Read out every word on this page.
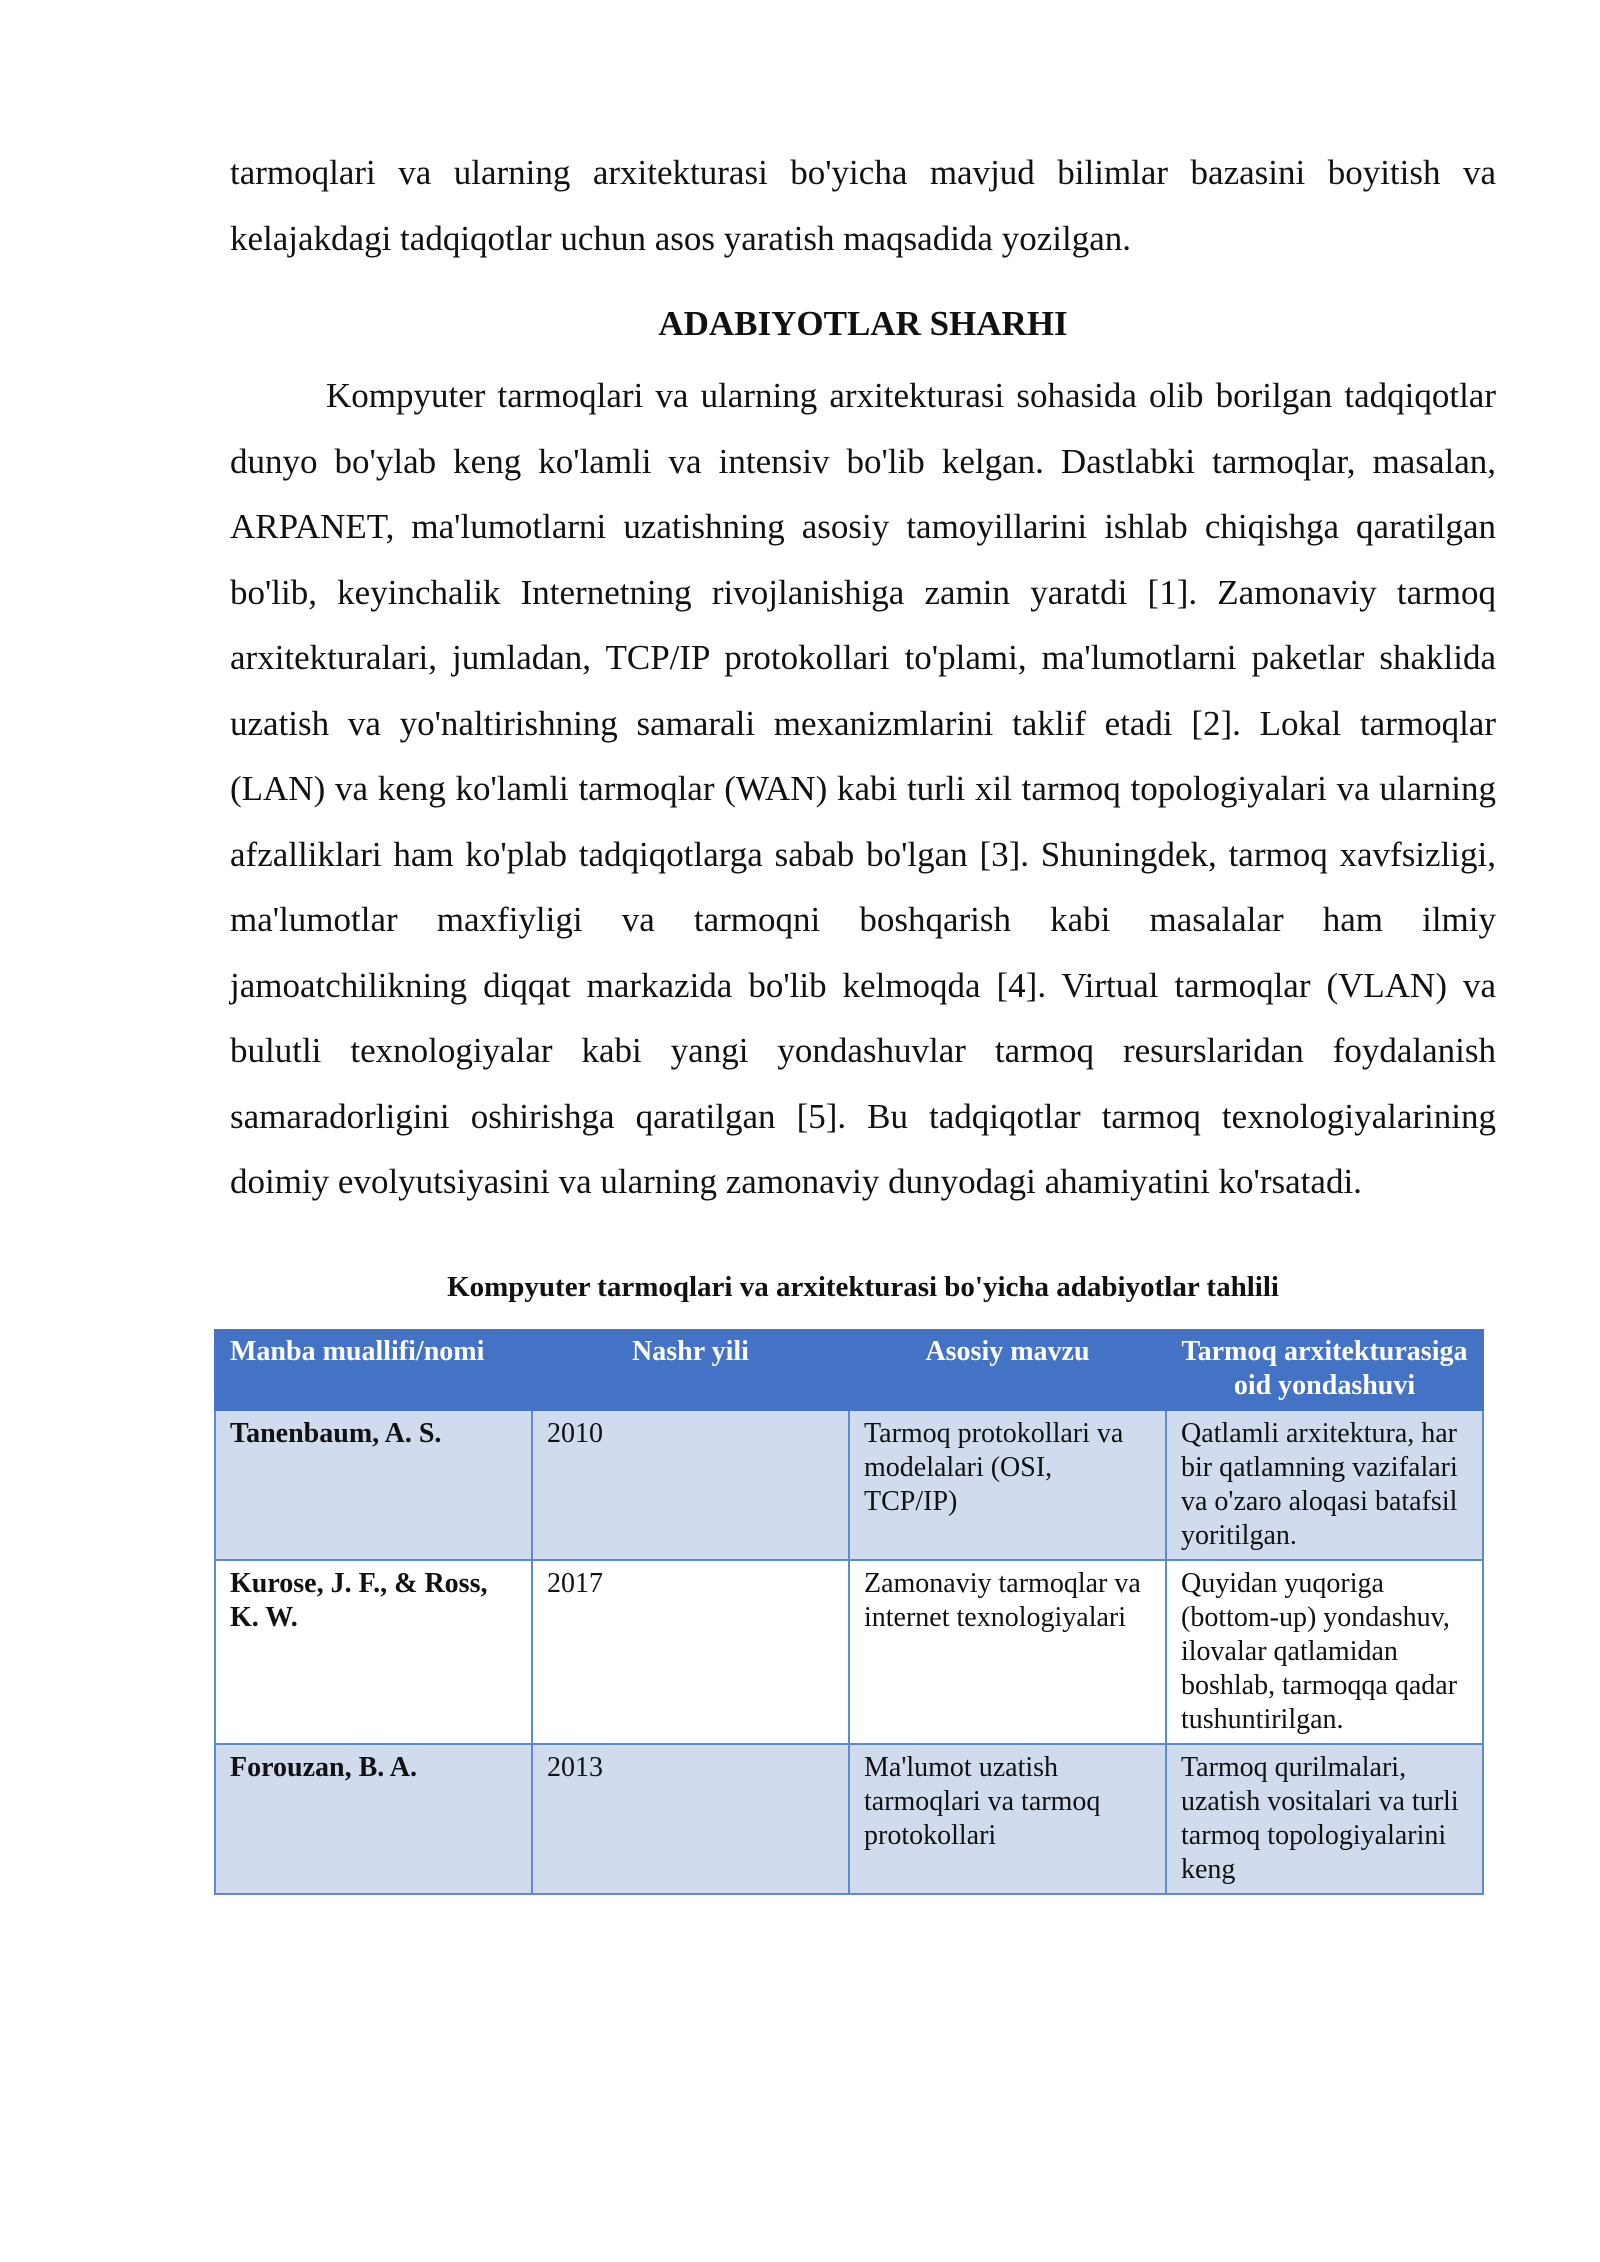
tarmoqlari va ularning arxitekturasi bo'yicha mavjud bilimlar bazasini boyitish va kelajakdagi tadqiqotlar uchun asos yaratish maqsadida yozilgan.

ADABIYOTLAR SHARHI

Kompyuter tarmoqlari va ularning arxitekturasi sohasida olib borilgan tadqiqotlar dunyo bo'ylab keng ko'lamli va intensiv bo'lib kelgan. Dastlabki tarmoqlar, masalan, ARPANET, ma'lumotlarni uzatishning asosiy tamoyillarini ishlab chiqishga qaratilgan bo'lib, keyinchalik Internetning rivojlanishiga zamin yaratdi [1]. Zamonaviy tarmoq arxitekturalari, jumladan, TCP/IP protokollari to'plami, ma'lumotlarni paketlar shaklida uzatish va yo'naltirishning samarali mexanizmlarini taklif etadi [2]. Lokal tarmoqlar (LAN) va keng ko'lamli tarmoqlar (WAN) kabi turli xil tarmoq topologiyalari va ularning afzalliklari ham ko'plab tadqiqotlarga sabab bo'lgan [3]. Shuningdek, tarmoq xavfsizligi, ma'lumotlar maxfiyligi va tarmoqni boshqarish kabi masalalar ham ilmiy jamoatchilikning diqqat markazida bo'lib kelmoqda [4]. Virtual tarmoqlar (VLAN) va bulutli texnologiyalar kabi yangi yondashuvlar tarmoq resurslaridan foydalanish samaradorligini oshirishga qaratilgan [5]. Bu tadqiqotlar tarmoq texnologiyalarining doimiy evolyutsiyasini va ularning zamonaviy dunyodagi ahamiyatini ko'rsatadi.

Kompyuter tarmoqlari va arxitekturasi bo'yicha adabiyotlar tahlili
Manba muallifi/nomi	Nashr yili	Asosiy mavzu	Tarmoq arxitekturasiga oid yondashuvi
Tanenbaum, A. S.	2010	Tarmoq protokollari va modelalari (OSI, TCP/IP)	Qatlamli arxitektura, har bir qatlamning vazifalari va o'zaro aloqasi batafsil yoritilgan.
Kurose, J. F., & Ross, K. W.	2017	Zamonaviy tarmoqlar va internet texnologiyalari	Quyidan yuqoriga (bottom-up) yondashuv, ilovalar qatlamidan boshlab, tarmoqqa qadar tushuntirilgan.
Forouzan, B. A.	2013	Ma'lumot uzatish tarmoqlari va tarmoq protokollari	Tarmoq qurilmalari, uzatish vositalari va turli tarmoq topologiyalarini keng
